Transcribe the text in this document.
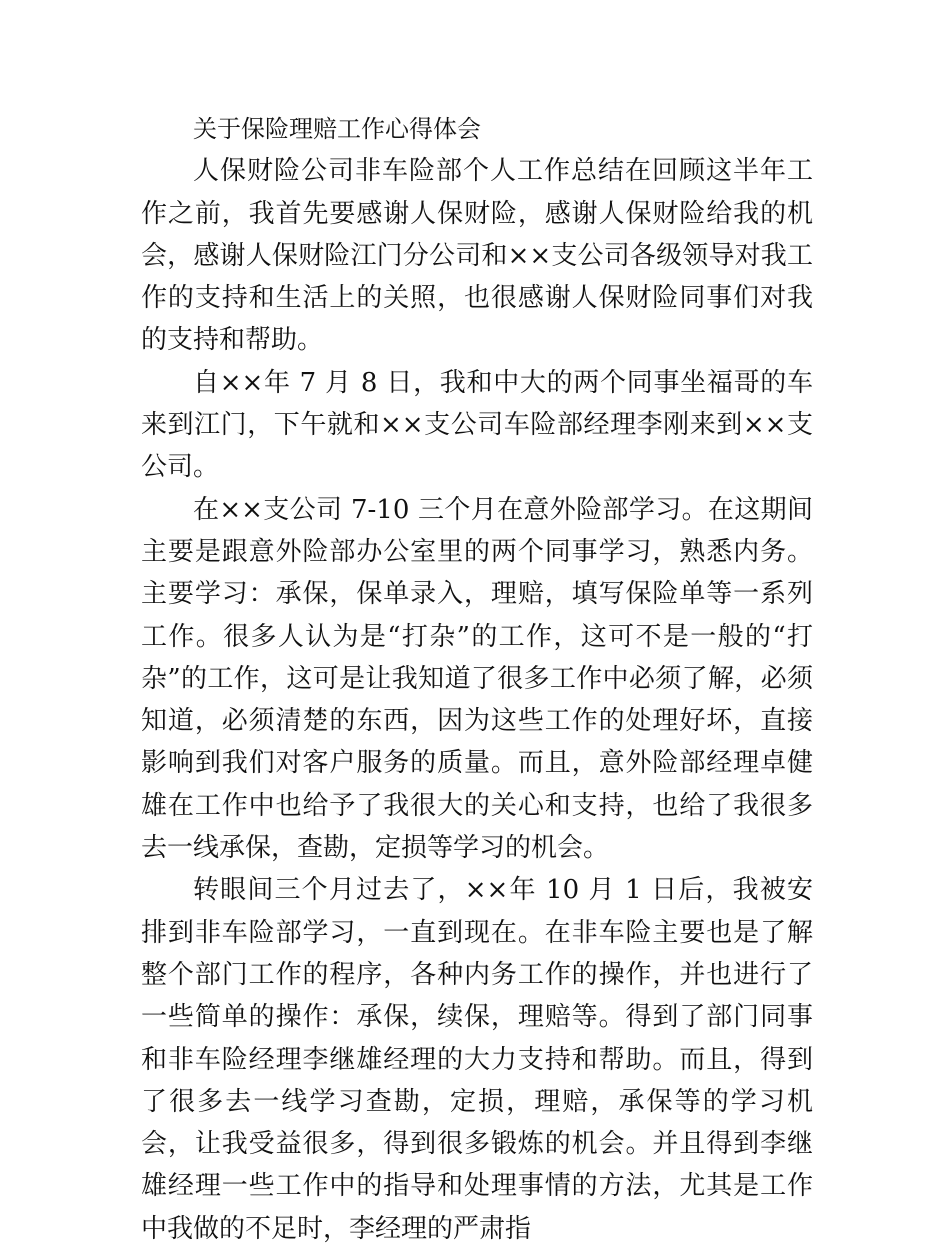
关于保险理赔工作心得体会

人保财险公司非车险部个人工作总结在回顾这半年工作之前，我首先要感谢人保财险，感谢人保财险给我的机会，感谢人保财险江门分公司和××支公司各级领导对我工作的支持和生活上的关照，也很感谢人保财险同事们对我的支持和帮助。

自××年 7 月 8 日，我和中大的两个同事坐福哥的车来到江门，下午就和××支公司车险部经理李刚来到××支公司。

在××支公司 7-10 三个月在意外险部学习。在这期间主要是跟意外险部办公室里的两个同事学习，熟悉内务。主要学习：承保，保单录入，理赔，填写保险单等一系列工作。很多人认为是“打杂”的工作，这可不是一般的“打杂”的工作，这可是让我知道了很多工作中必须了解，必须知道，必须清楚的东西，因为这些工作的处理好坏，直接影响到我们对客户服务的质量。而且，意外险部经理卓健雄在工作中也给予了我很大的关心和支持，也给了我很多去一线承保，查勘，定损等学习的机会。

转眼间三个月过去了，××年 10 月 1 日后，我被安排到非车险部学习，一直到现在。在非车险主要也是了解整个部门工作的程序，各种内务工作的操作，并也进行了一些简单的操作：承保，续保，理赔等。得到了部门同事和非车险经理李继雄经理的大力支持和帮助。而且，得到了很多去一线学习查勘，定损，理赔，承保等的学习机会，让我受益很多，得到很多锻炼的机会。并且得到李继雄经理一些工作中的指导和处理事情的方法，尤其是工作中我做的不足时，李经理的严肃指
